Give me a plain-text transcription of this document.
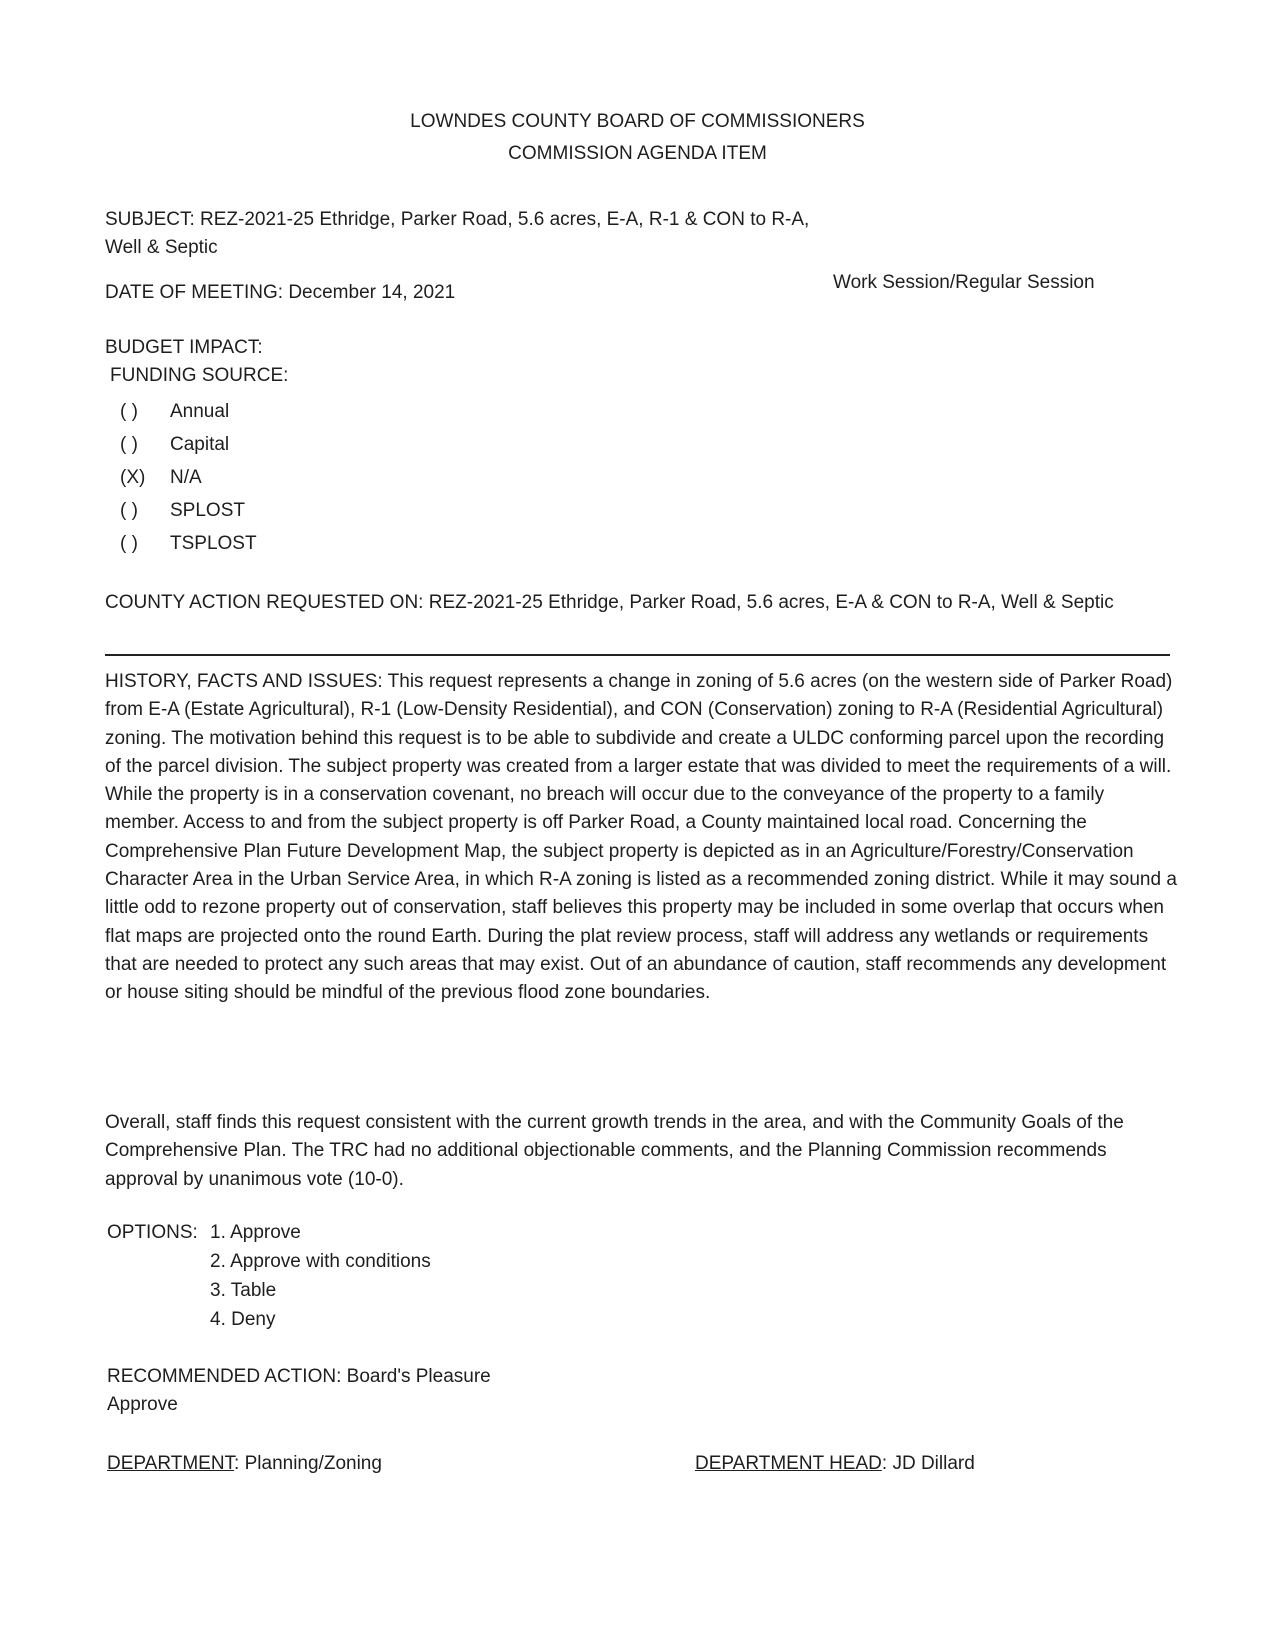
LOWNDES COUNTY BOARD OF COMMISSIONERS
COMMISSION AGENDA ITEM
SUBJECT: REZ-2021-25 Ethridge, Parker Road, 5.6 acres, E-A, R-1 & CON to R-A, Well & Septic
DATE OF MEETING: December 14, 2021	Work Session/Regular Session
BUDGET IMPACT:
FUNDING SOURCE:
( )	Annual
( )	Capital
(X)	N/A
( )	SPLOST
( )	TSPLOST
COUNTY ACTION REQUESTED ON: REZ-2021-25 Ethridge, Parker Road, 5.6 acres, E-A & CON to R-A, Well & Septic
HISTORY, FACTS AND ISSUES: This request represents a change in zoning of 5.6 acres (on the western side of Parker Road) from E-A (Estate Agricultural), R-1 (Low-Density Residential), and CON (Conservation) zoning to R-A (Residential Agricultural) zoning. The motivation behind this request is to be able to subdivide and create a ULDC conforming parcel upon the recording of the parcel division. The subject property was created from a larger estate that was divided to meet the requirements of a will. While the property is in a conservation covenant, no breach will occur due to the conveyance of the property to a family member. Access to and from the subject property is off Parker Road, a County maintained local road. Concerning the Comprehensive Plan Future Development Map, the subject property is depicted as in an Agriculture/Forestry/Conservation Character Area in the Urban Service Area, in which R-A zoning is listed as a recommended zoning district. While it may sound a little odd to rezone property out of conservation, staff believes this property may be included in some overlap that occurs when flat maps are projected onto the round Earth. During the plat review process, staff will address any wetlands or requirements that are needed to protect any such areas that may exist. Out of an abundance of caution, staff recommends any development or house siting should be mindful of the previous flood zone boundaries.
Overall, staff finds this request consistent with the current growth trends in the area, and with the Community Goals of the Comprehensive Plan. The TRC had no additional objectionable comments, and the Planning Commission recommends approval by unanimous vote (10-0).
OPTIONS: 1. Approve
2. Approve with conditions
3. Table
4. Deny
RECOMMENDED ACTION: Board's Pleasure
Approve
DEPARTMENT: Planning/Zoning	DEPARTMENT HEAD: JD Dillard
